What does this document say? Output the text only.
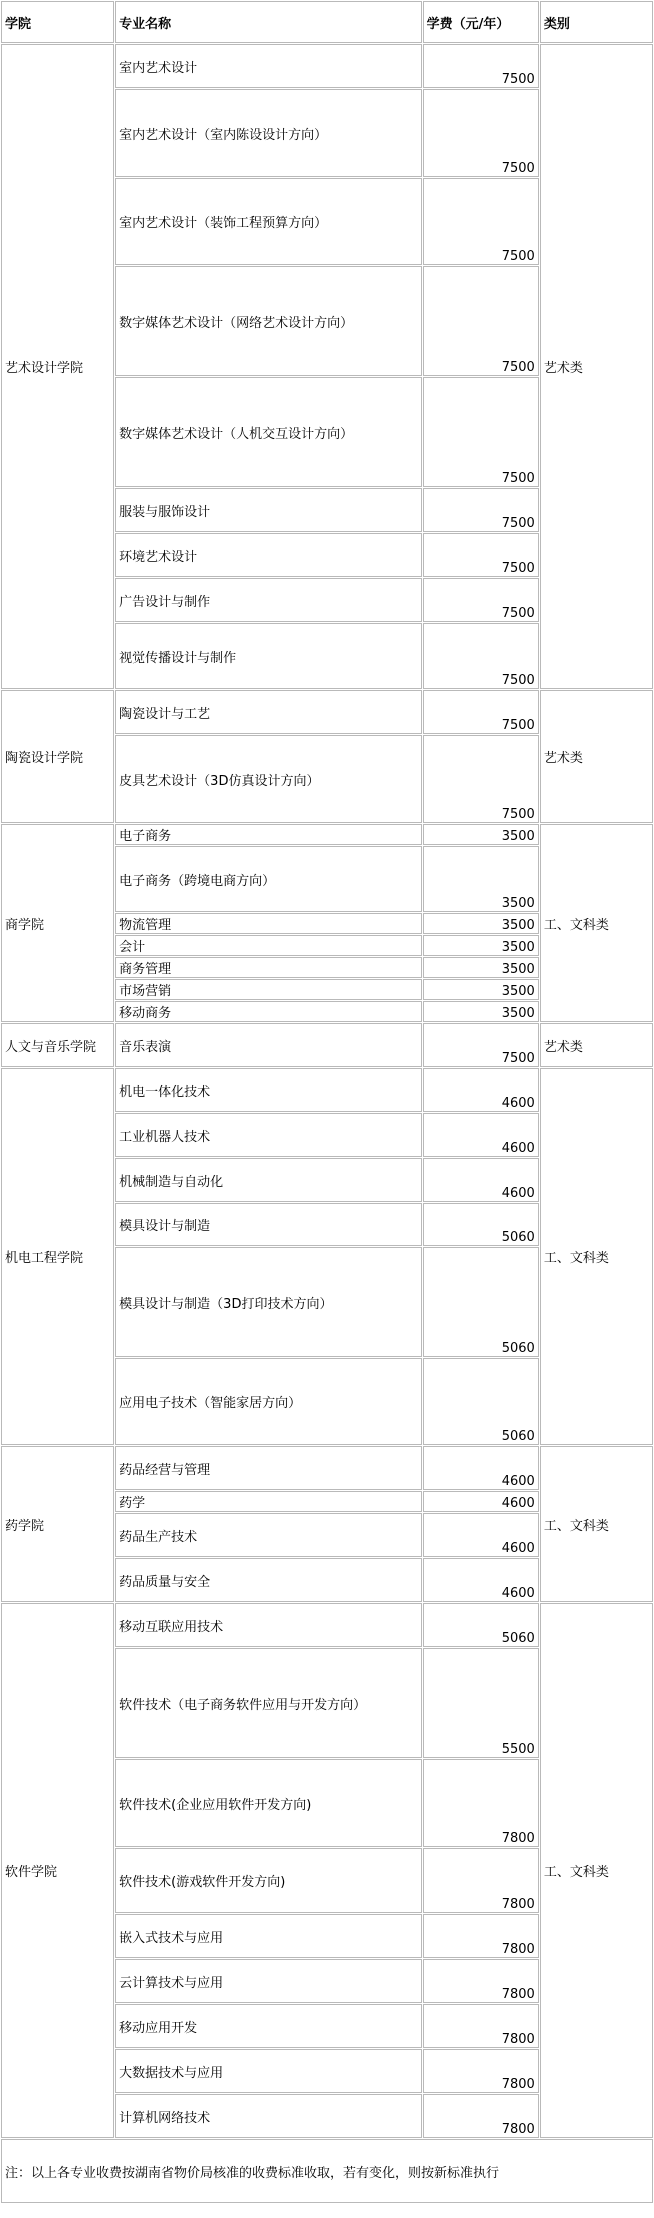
学院	专业名称	学费（元/年）	类别
艺术设计学院	室内艺术设计	7500	艺术类
	室内艺术设计（室内陈设设计方向）	7500	
	室内艺术设计（装饰工程预算方向）	7500	
	数字媒体艺术设计（网络艺术设计方向）	7500	
	数字媒体艺术设计（人机交互设计方向）	7500	
	服装与服饰设计	7500	
	环境艺术设计	7500	
	广告设计与制作	7500	
	视觉传播设计与制作	7500	
陶瓷设计学院	陶瓷设计与工艺	7500	艺术类
	皮具艺术设计（3D仿真设计方向）	7500	
商学院	电子商务	3500	工、文科类
	电子商务（跨境电商方向）	3500	
	物流管理	3500	
	会计	3500	
	商务管理	3500	
	市场营销	3500	
	移动商务	3500	
人文与音乐学院	音乐表演	7500	艺术类
机电工程学院	机电一体化技术	4600	工、文科类
	工业机器人技术	4600	
	机械制造与自动化	4600	
	模具设计与制造	5060	
	模具设计与制造（3D打印技术方向）	5060	
	应用电子技术（智能家居方向）	5060	
药学院	药品经营与管理	4600	工、文科类
	药学	4600	
	药品生产技术	4600	
	药品质量与安全	4600	
软件学院	移动互联应用技术	5060	工、文科类
	软件技术（电子商务软件应用与开发方向）	5500	
	软件技术(企业应用软件开发方向)	7800	
	软件技术(游戏软件开发方向)	7800	
	嵌入式技术与应用	7800	
	云计算技术与应用	7800	
	移动应用开发	7800	
	大数据技术与应用	7800	
	计算机网络技术	7800	
注：以上各专业收费按湖南省物价局核准的收费标准收取，若有变化，则按新标准执行			
